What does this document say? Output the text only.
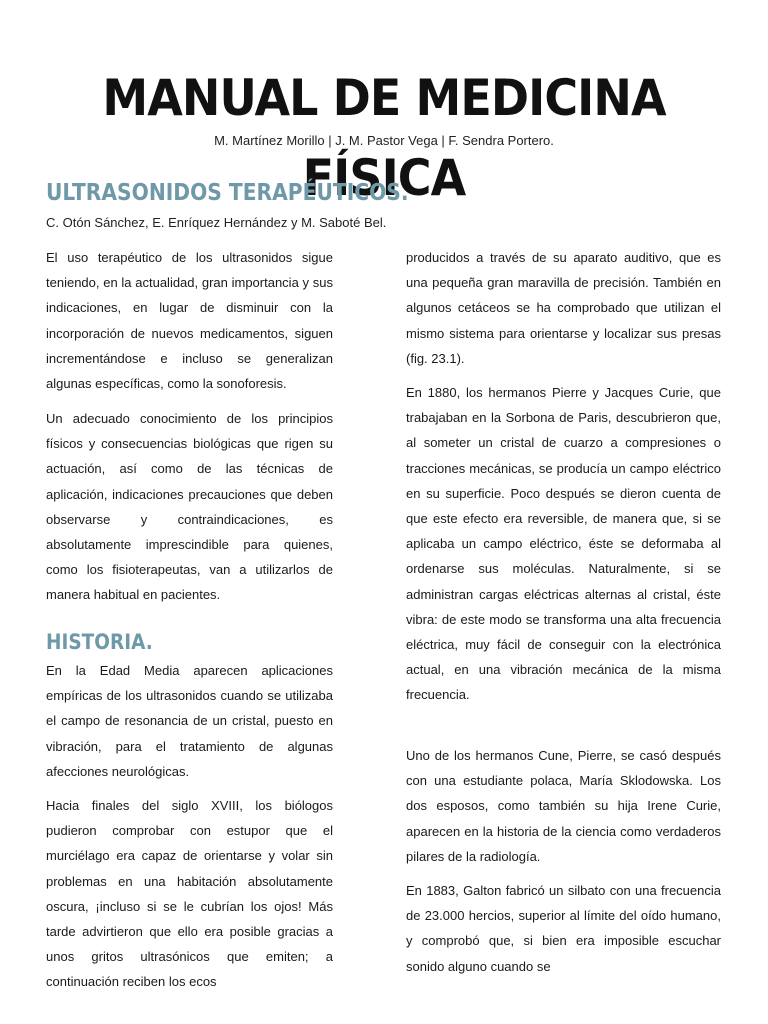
MANUAL DE MEDICINA FÍSICA
M. Martínez Morillo | J. M. Pastor Vega | F. Sendra Portero.
ULTRASONIDOS TERAPÉUTICOS.
C. Otón Sánchez, E. Enríquez Hernández y M. Saboté Bel.

El uso terapéutico de los ultrasonidos sigue teniendo, en la actualidad, gran importancia y sus indicaciones, en lugar de disminuir con la incorporación de nuevos medicamentos, siguen incrementándose e incluso se generalizan algunas específicas, como la sonoforesis.

Un adecuado conocimiento de los principios físicos y consecuencias biológicas que rigen su actuación, así como de las técnicas de aplicación, indicaciones precauciones que deben observarse y contraindicaciones, es absolutamente imprescindible para quienes, como los fisioterapeutas, van a utilizarlos de manera habitual en pacientes.

HISTORIA.

En la Edad Media aparecen aplicaciones empíricas de los ultrasonidos cuando se utilizaba el campo de resonancia de un cristal, puesto en vibración, para el tratamiento de algunas afecciones neurológicas.

Hacia finales del siglo XVIII, los biólogos pudieron comprobar con estupor que el murciélago era capaz de orientarse y volar sin problemas en una habitación absolutamente oscura, ¡incluso si se le cubrían los ojos! Más tarde advirtieron que ello era posible gracias a unos gritos ultrasónicos que emiten; a continuación reciben los ecos

producidos a través de su aparato auditivo, que es una pequeña gran maravilla de precisión. También en algunos cetáceos se ha comprobado que utilizan el mismo sistema para orientarse y localizar sus presas (fig. 23.1).

En 1880, los hermanos Pierre y Jacques Curie, que trabajaban en la Sorbona de Paris, descubrieron que, al someter un cristal de cuarzo a compresiones o tracciones mecánicas, se producía un campo eléctrico en su superficie. Poco después se dieron cuenta de que este efecto era reversible, de manera que, si se aplicaba un campo eléctrico, éste se deformaba al ordenarse sus moléculas. Naturalmente, si se administran cargas eléctricas alternas al cristal, éste vibra: de este modo se transforma una alta frecuencia eléctrica, muy fácil de conseguir con la electrónica actual, en una vibración mecánica de la misma frecuencia.

Uno de los hermanos Cune, Pierre, se casó después con una estudiante polaca, María Sklodowska. Los dos esposos, como también su hija Irene Curie, aparecen en la historia de la ciencia como verdaderos pilares de la radiología.

En 1883, Galton fabricó un silbato con una frecuencia de 23.000 hercios, superior al límite del oído humano, y comprobó que, si bien era imposible escuchar sonido alguno cuando se
